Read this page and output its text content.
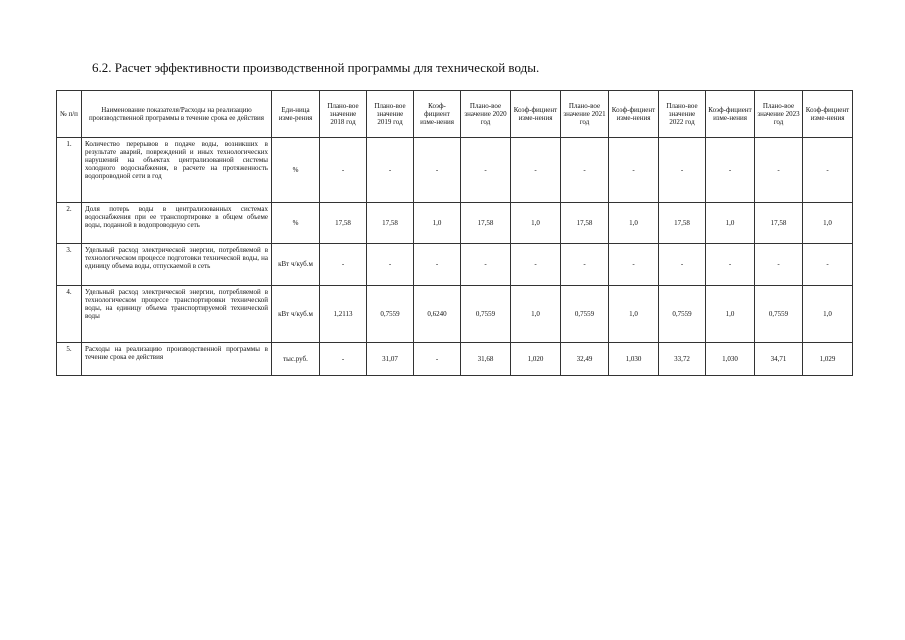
6.2. Расчет эффективности производственной программы для технической воды.
№ п/п	Наименование показателя/Расходы на реализацию производственной программы в течение срока ее действия	Еди-ница изме-рения	Плано-вое значение 2018 год	Плано-вое значение 2019 год	Коэф-фициент изме-нения	Плано-вое значение 2020 год	Коэф-фициент изме-нения	Плано-вое значение 2021 год	Коэф-фициент изме-нения	Плано-вое значение 2022 год	Коэф-фициент изме-нения	Плано-вое значение 2023 год	Коэф-фициент изме-нения
1.	Количество перерывов в подаче воды, возникших в результате аварий, повреждений и иных технологических нарушений на объектах централизованной системы холодного водоснабжения, в расчете на протяженность водопроводной сети в год	%	-	-	-	-	-	-	-	-	-	-	-
2.	Доля потерь воды в централизованных системах водоснабжения при ее транспортировке в общем объеме воды, поданной в водопроводную сеть	%	17,58	17,58	1,0	17,58	1,0	17,58	1,0	17,58	1,0	17,58	1,0
3.	Удельный расход электрической энергии, потребляемой в технологическом процессе подготовки технической воды, на единицу объема воды, отпускаемой в сеть	кВт ч/куб.м	-	-	-	-	-	-	-	-	-	-	-
4.	Удельный расход электрической энергии, потребляемой в технологическом процессе транспортировки технической воды, на единицу объема транспортируемой технической воды	кВт ч/куб.м	1,2113	0,7559	0,6240	0,7559	1,0	0,7559	1,0	0,7559	1,0	0,7559	1,0
5.	Расходы на реализацию производственной программы в течение срока ее действия	тыс.руб.	-	31,07	-	31,68	1,020	32,49	1,030	33,72	1,030	34,71	1,029
